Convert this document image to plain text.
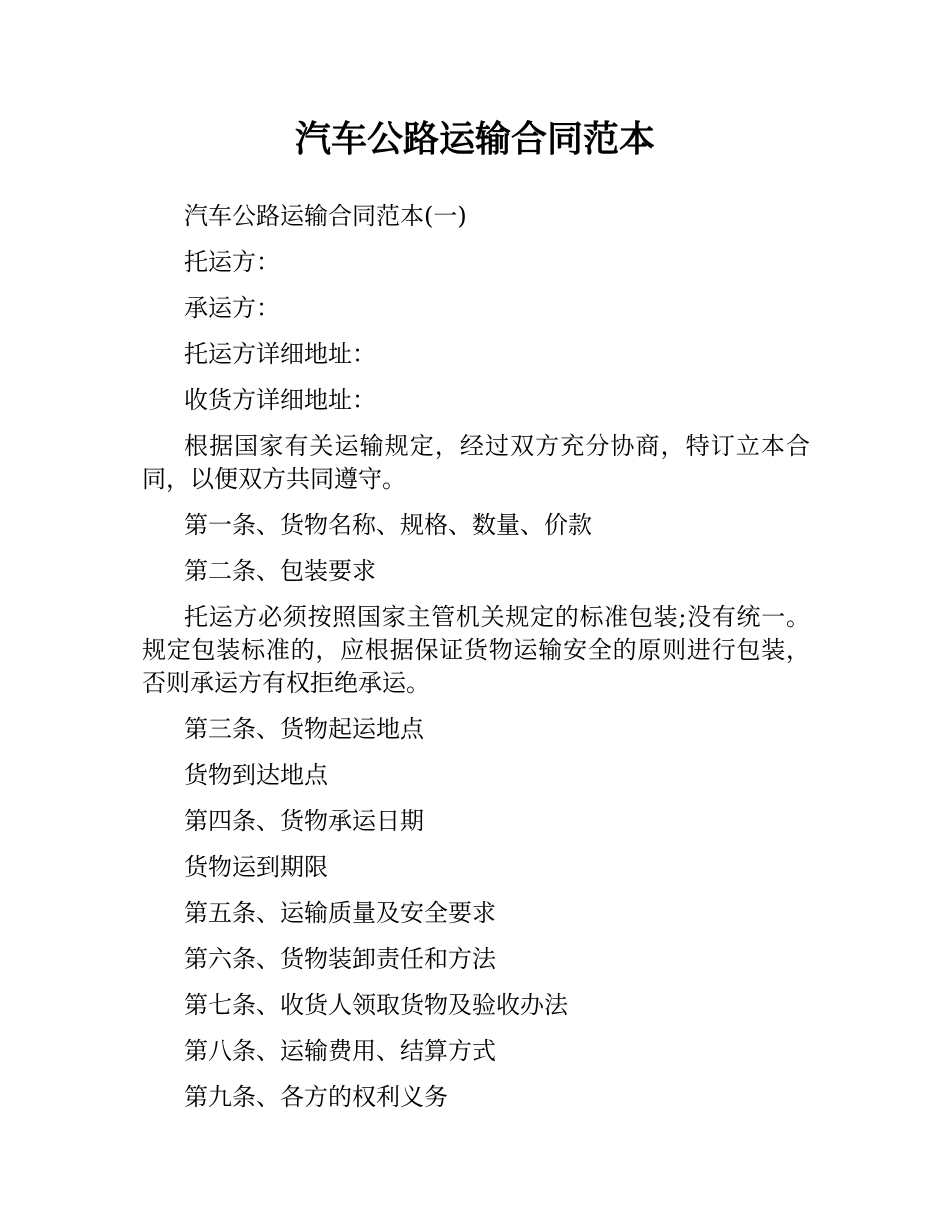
汽车公路运输合同范本

汽车公路运输合同范本(一)

托运方：

承运方：

托运方详细地址：

收货方详细地址：

根据国家有关运输规定，经过双方充分协商，特订立本合同，以便双方共同遵守。

第一条、货物名称、规格、数量、价款

第二条、包装要求

托运方必须按照国家主管机关规定的标准包装;没有统一。规定包装标准的，应根据保证货物运输安全的原则进行包装，否则承运方有权拒绝承运。

第三条、货物起运地点

货物到达地点

第四条、货物承运日期

货物运到期限

第五条、运输质量及安全要求

第六条、货物装卸责任和方法

第七条、收货人领取货物及验收办法

第八条、运输费用、结算方式

第九条、各方的权利义务
